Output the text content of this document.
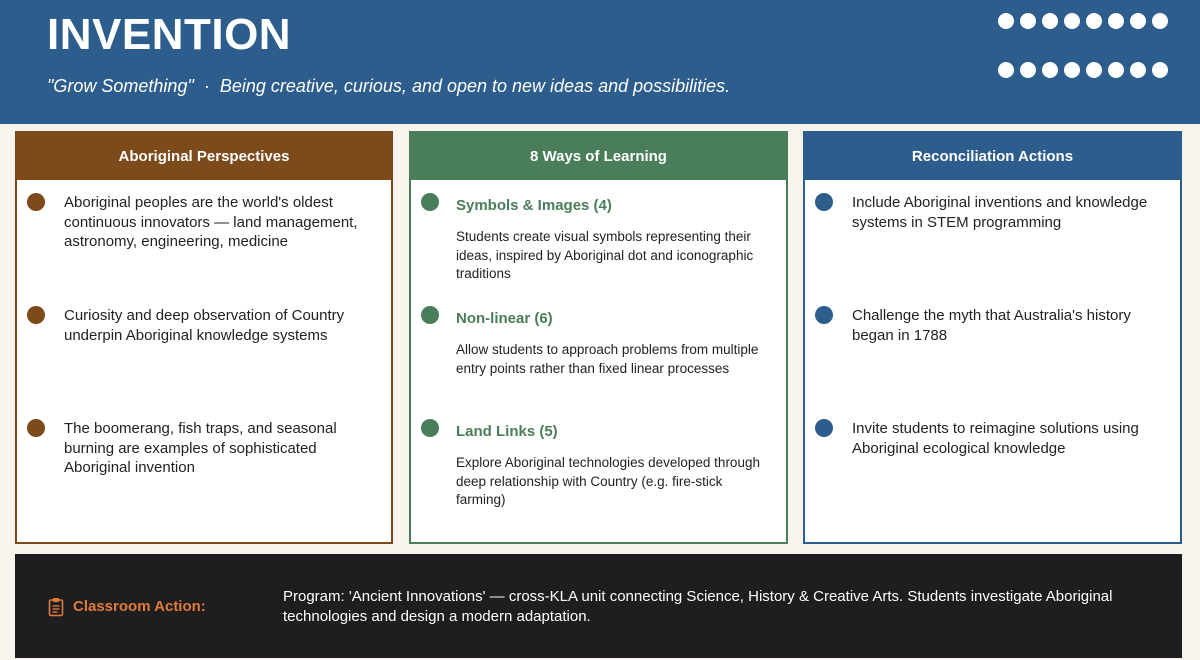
INVENTION
"Grow Something" · Being creative, curious, and open to new ideas and possibilities.
Aboriginal Perspectives
Aboriginal peoples are the world's oldest continuous innovators — land management, astronomy, engineering, medicine
Curiosity and deep observation of Country underpin Aboriginal knowledge systems
The boomerang, fish traps, and seasonal burning are examples of sophisticated Aboriginal invention
8 Ways of Learning
Symbols & Images (4)
Students create visual symbols representing their ideas, inspired by Aboriginal dot and iconographic traditions
Non-linear (6)
Allow students to approach problems from multiple entry points rather than fixed linear processes
Land Links (5)
Explore Aboriginal technologies developed through deep relationship with Country (e.g. fire-stick farming)
Reconciliation Actions
Include Aboriginal inventions and knowledge systems in STEM programming
Challenge the myth that Australia's history began in 1788
Invite students to reimagine solutions using Aboriginal ecological knowledge
Classroom Action:
Program: 'Ancient Innovations' — cross-KLA unit connecting Science, History & Creative Arts. Students investigate Aboriginal technologies and design a modern adaptation.
